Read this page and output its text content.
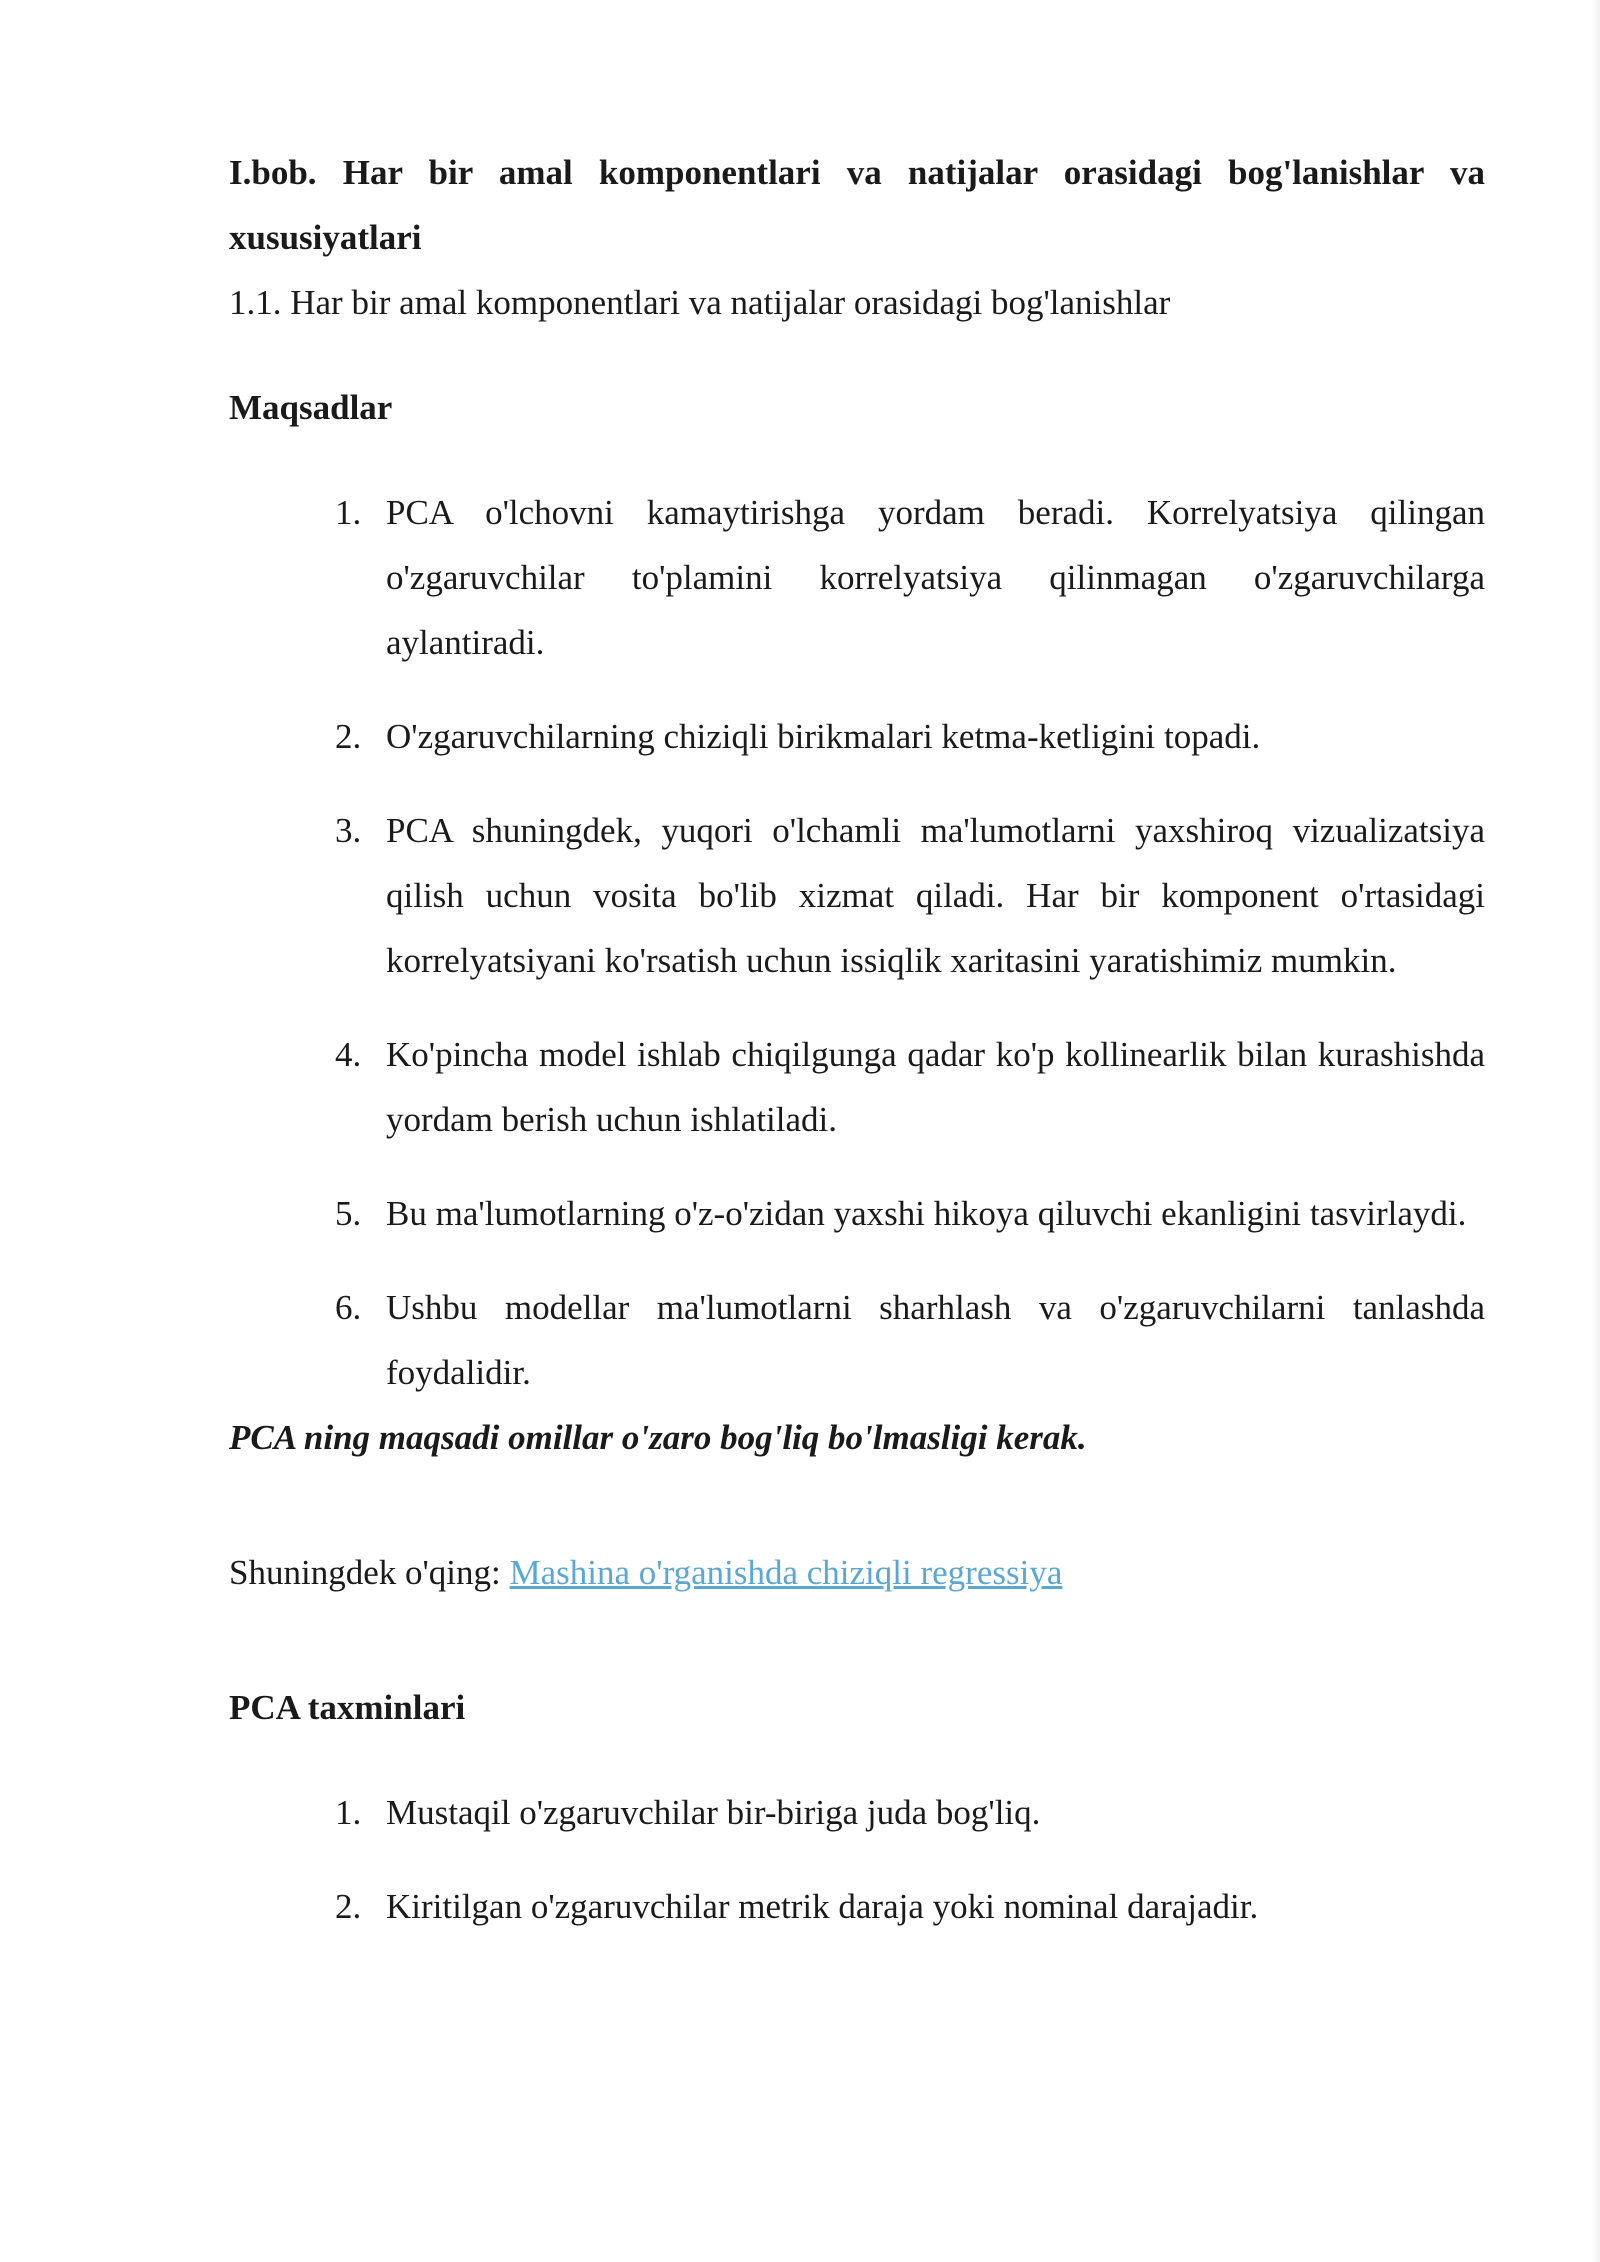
I.bob. Har bir amal komponentlari va natijalar orasidagi bog'lanishlar va xususiyatlari

1.1. Har bir amal komponentlari va natijalar orasidagi bog'lanishlar

Maqsadlar

1. PCA o'lchovni kamaytirishga yordam beradi. Korrelyatsiya qilingan o'zgaruvchilar to'plamini korrelyatsiya qilinmagan o'zgaruvchilarga aylantiradi.
2. O'zgaruvchilarning chiziqli birikmalari ketma-ketligini topadi.
3. PCA shuningdek, yuqori o'lchamli ma'lumotlarni yaxshiroq vizualizatsiya qilish uchun vosita bo'lib xizmat qiladi. Har bir komponent o'rtasidagi korrelyatsiyani ko'rsatish uchun issiqlik xaritasini yaratishimiz mumkin.
4. Ko'pincha model ishlab chiqilgunga qadar ko'p kollinearlik bilan kurashishda yordam berish uchun ishlatiladi.
5. Bu ma'lumotlarning o'z-o'zidan yaxshi hikoya qiluvchi ekanligini tasvirlaydi.
6. Ushbu modellar ma'lumotlarni sharhlash va o'zgaruvchilarni tanlashda foydalidir.

PCA ning maqsadi omillar o'zaro bog'liq bo'lmasligi kerak.

Shuningdek o'qing: Mashina o'rganishda chiziqli regressiya

PCA taxminlari

1. Mustaqil o'zgaruvchilar bir-biriga juda bog'liq.
2. Kiritilgan o'zgaruvchilar metrik daraja yoki nominal darajadir.
